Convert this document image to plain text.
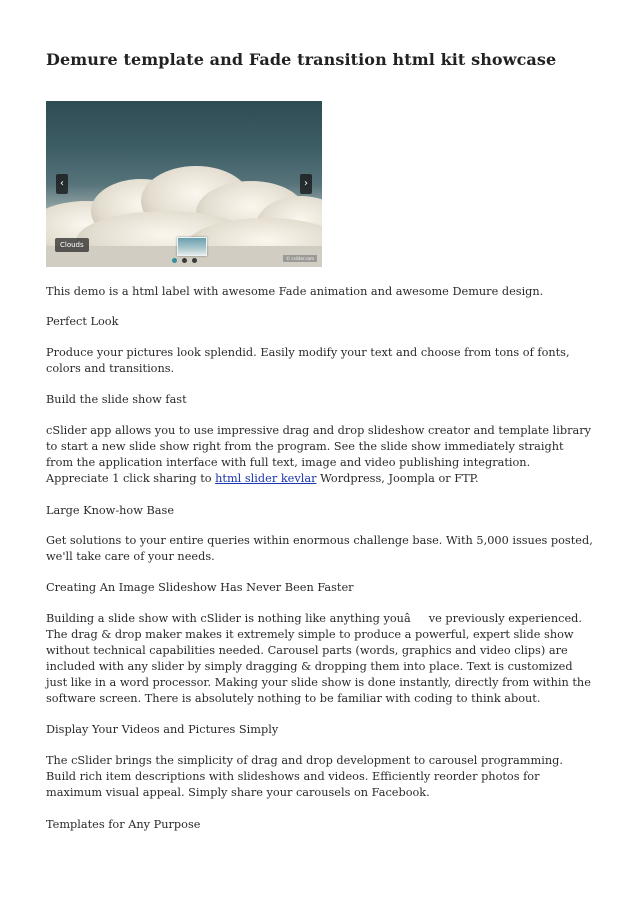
Demure template and Fade transition html kit showcase
‹	›
Clouds
© cslider.com

This demo is a html label with awesome Fade animation and awesome Demure design.

Perfect Look

Produce your pictures look splendid. Easily modify your text and choose from tons of fonts, colors and transitions.

Build the slide show fast

cSlider app allows you to use impressive drag and drop slideshow creator and template library to start a new slide show right from the program. See the slide show immediately straight from the application interface with full text, image and video publishing integration. Appreciate 1 click sharing to html slider kevlar Wordpress, Joompla or FTP.

Large Know-how Base

Get solutions to your entire queries within enormous challenge base. With 5,000 issues posted, we'll take care of your needs.

Creating An Image Slideshow Has Never Been Faster

Building a slide show with cSlider is nothing like anything youâve previously experienced. The drag & drop maker makes it extremely simple to produce a powerful, expert slide show without technical capabilities needed. Carousel parts (words, graphics and video clips) are included with any slider by simply dragging & dropping them into place. Text is customized just like in a word processor. Making your slide show is done instantly, directly from within the software screen. There is absolutely nothing to be familiar with coding to think about.

Display Your Videos and Pictures Simply

The cSlider brings the simplicity of drag and drop development to carousel programming. Build rich item descriptions with slideshows and videos. Efficiently reorder photos for maximum visual appeal. Simply share your carousels on Facebook.

Templates for Any Purpose
